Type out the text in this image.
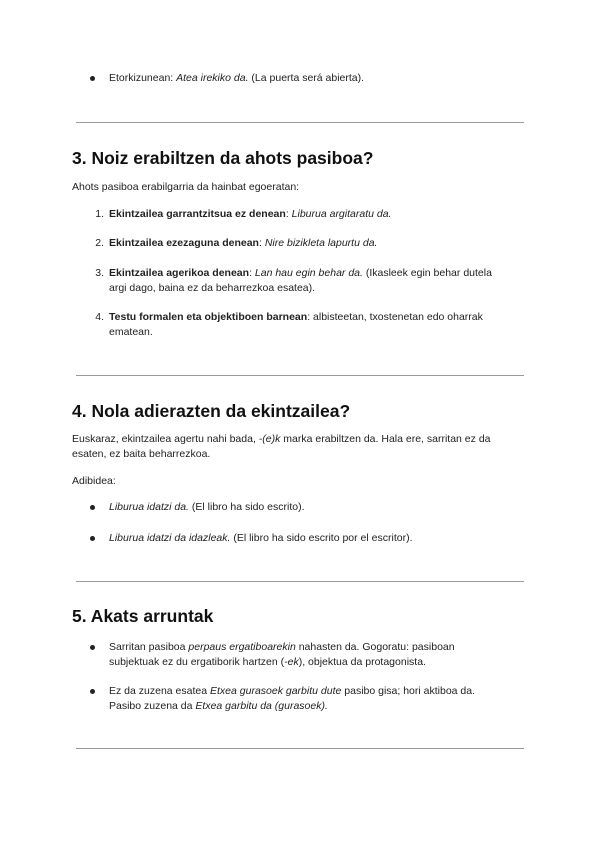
Etorkizunean: Atea irekiko da. (La puerta será abierta).
3. Noiz erabiltzen da ahots pasiboa?
Ahots pasiboa erabilgarria da hainbat egoeratan:
1. Ekintzailea garrantzitsua ez denean: Liburua argitaratu da.
2. Ekintzailea ezezaguna denean: Nire bizikleta lapurtu da.
3. Ekintzailea agerikoa denean: Lan hau egin behar da. (Ikasleek egin behar dutela
argi dago, baina ez da beharrezkoa esatea).
4. Testu formalen eta objektiboen barnean: albisteetan, txostenetan edo oharrak
ematean.
4. Nola adierazten da ekintzailea?
Euskaraz, ekintzailea agertu nahi bada, -(e)k marka erabiltzen da. Hala ere, sarritan ez da
esaten, ez baita beharrezkoa.
Adibidea:
Liburua idatzi da. (El libro ha sido escrito).
Liburua idatzi da idazleak. (El libro ha sido escrito por el escritor).
5. Akats arruntak
Sarritan pasiboa perpaus ergatiboarekin nahasten da. Gogoratu: pasiboan
subjektuak ez du ergatiborik hartzen (-ek), objektua da protagonista.
Ez da zuzena esatea Etxea gurasoek garbitu dute pasibo gisa; hori aktiboa da.
Pasibo zuzena da Etxea garbitu da (gurasoek).
